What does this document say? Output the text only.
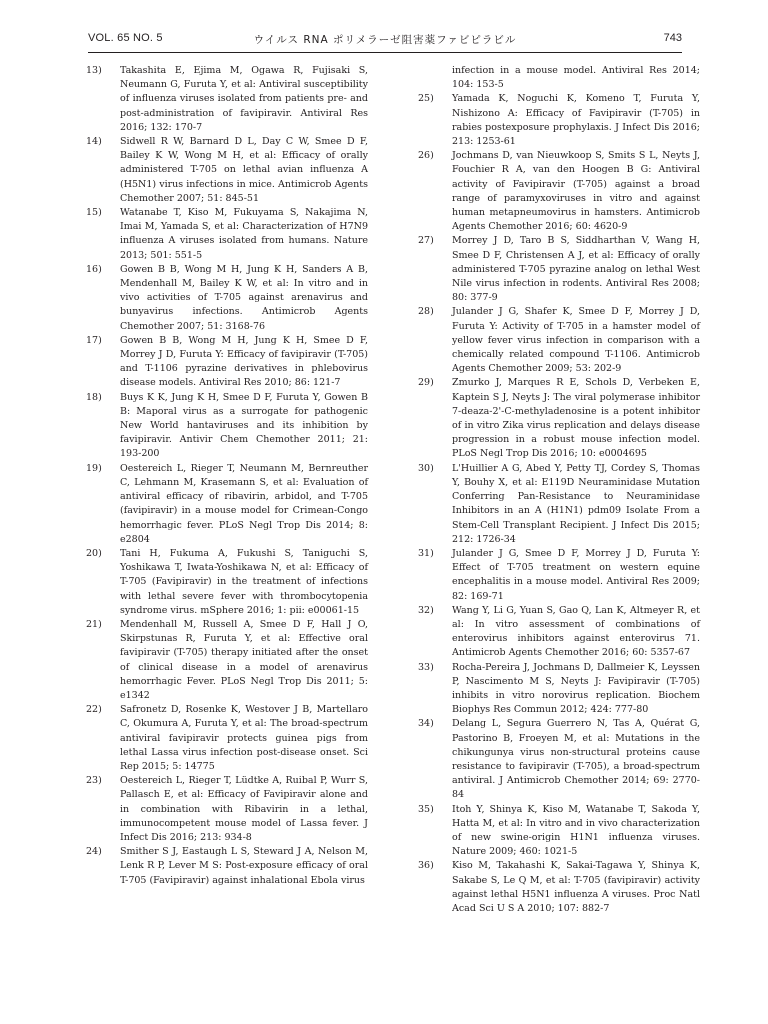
VOL. 65 NO. 5	ウイルス RNA ポリメラーゼ阻害薬ファビピラビル	743
13)	Takashita E, Ejima M, Ogawa R, Fujisaki S, Neumann G, Furuta Y, et al: Antiviral susceptibility of influenza viruses isolated from patients pre- and post-administration of favipiravir. Antiviral Res 2016; 132: 170-7
14)	Sidwell R W, Barnard D L, Day C W, Smee D F, Bailey K W, Wong M H, et al: Efficacy of orally administered T-705 on lethal avian influenza A (H5N1) virus infections in mice. Antimicrob Agents Chemother 2007; 51: 845-51
15)	Watanabe T, Kiso M, Fukuyama S, Nakajima N, Imai M, Yamada S, et al: Characterization of H7N9 influenza A viruses isolated from humans. Nature 2013; 501: 551-5
16)	Gowen B B, Wong M H, Jung K H, Sanders A B, Mendenhall M, Bailey K W, et al: In vitro and in vivo activities of T-705 against arenavirus and bunyavirus infections. Antimicrob Agents Chemother 2007; 51: 3168-76
17)	Gowen B B, Wong M H, Jung K H, Smee D F, Morrey J D, Furuta Y: Efficacy of favipiravir (T-705) and T-1106 pyrazine derivatives in phlebovirus disease models. Antiviral Res 2010; 86: 121-7
18)	Buys K K, Jung K H, Smee D F, Furuta Y, Gowen B B: Maporal virus as a surrogate for pathogenic New World hantaviruses and its inhibition by favipiravir. Antivir Chem Chemother 2011; 21: 193-200
19)	Oestereich L, Rieger T, Neumann M, Bernreuther C, Lehmann M, Krasemann S, et al: Evaluation of antiviral efficacy of ribavirin, arbidol, and T-705 (favipiravir) in a mouse model for Crimean-Congo hemorrhagic fever. PLoS Negl Trop Dis 2014; 8: e2804
20)	Tani H, Fukuma A, Fukushi S, Taniguchi S, Yoshikawa T, Iwata-Yoshikawa N, et al: Efficacy of T-705 (Favipiravir) in the treatment of infections with lethal severe fever with thrombocytopenia syndrome virus. mSphere 2016; 1: pii: e00061-15
21)	Mendenhall M, Russell A, Smee D F, Hall J O, Skirpstunas R, Furuta Y, et al: Effective oral favipiravir (T-705) therapy initiated after the onset of clinical disease in a model of arenavirus hemorrhagic Fever. PLoS Negl Trop Dis 2011; 5: e1342
22)	Safronetz D, Rosenke K, Westover J B, Martellaro C, Okumura A, Furuta Y, et al: The broad-spectrum antiviral favipiravir protects guinea pigs from lethal Lassa virus infection post-disease onset. Sci Rep 2015; 5: 14775
23)	Oestereich L, Rieger T, Lüdtke A, Ruibal P, Wurr S, Pallasch E, et al: Efficacy of Favipiravir alone and in combination with Ribavirin in a lethal, immunocompetent mouse model of Lassa fever. J Infect Dis 2016; 213: 934-8
24)	Smither S J, Eastaugh L S, Steward J A, Nelson M, Lenk R P, Lever M S: Post-exposure efficacy of oral T-705 (Favipiravir) against inhalational Ebola virus
infection in a mouse model. Antiviral Res 2014; 104: 153-5
25)	Yamada K, Noguchi K, Komeno T, Furuta Y, Nishizono A: Efficacy of Favipiravir (T-705) in rabies postexposure prophylaxis. J Infect Dis 2016; 213: 1253-61
26)	Jochmans D, van Nieuwkoop S, Smits S L, Neyts J, Fouchier R A, van den Hoogen B G: Antiviral activity of Favipiravir (T-705) against a broad range of paramyxoviruses in vitro and against human metapneumovirus in hamsters. Antimicrob Agents Chemother 2016; 60: 4620-9
27)	Morrey J D, Taro B S, Siddharthan V, Wang H, Smee D F, Christensen A J, et al: Efficacy of orally administered T-705 pyrazine analog on lethal West Nile virus infection in rodents. Antiviral Res 2008; 80: 377-9
28)	Julander J G, Shafer K, Smee D F, Morrey J D, Furuta Y: Activity of T-705 in a hamster model of yellow fever virus infection in comparison with a chemically related compound T-1106. Antimicrob Agents Chemother 2009; 53: 202-9
29)	Zmurko J, Marques R E, Schols D, Verbeken E, Kaptein S J, Neyts J: The viral polymerase inhibitor 7-deaza-2'-C-methyladenosine is a potent inhibitor of in vitro Zika virus replication and delays disease progression in a robust mouse infection model. PLoS Negl Trop Dis 2016; 10: e0004695
30)	L'Huillier A G, Abed Y, Petty TJ, Cordey S, Thomas Y, Bouhy X, et al: E119D Neuraminidase Mutation Conferring Pan-Resistance to Neuraminidase Inhibitors in an A (H1N1) pdm09 Isolate From a Stem-Cell Transplant Recipient. J Infect Dis 2015; 212: 1726-34
31)	Julander J G, Smee D F, Morrey J D, Furuta Y: Effect of T-705 treatment on western equine encephalitis in a mouse model. Antiviral Res 2009; 82: 169-71
32)	Wang Y, Li G, Yuan S, Gao Q, Lan K, Altmeyer R, et al: In vitro assessment of combinations of enterovirus inhibitors against enterovirus 71. Antimicrob Agents Chemother 2016; 60: 5357-67
33)	Rocha-Pereira J, Jochmans D, Dallmeier K, Leyssen P, Nascimento M S, Neyts J: Favipiravir (T-705) inhibits in vitro norovirus replication. Biochem Biophys Res Commun 2012; 424: 777-80
34)	Delang L, Segura Guerrero N, Tas A, Quérat G, Pastorino B, Froeyen M, et al: Mutations in the chikungunya virus non-structural proteins cause resistance to favipiravir (T-705), a broad-spectrum antiviral. J Antimicrob Chemother 2014; 69: 2770-84
35)	Itoh Y, Shinya K, Kiso M, Watanabe T, Sakoda Y, Hatta M, et al: In vitro and in vivo characterization of new swine-origin H1N1 influenza viruses. Nature 2009; 460: 1021-5
36)	Kiso M, Takahashi K, Sakai-Tagawa Y, Shinya K, Sakabe S, Le Q M, et al: T-705 (favipiravir) activity against lethal H5N1 influenza A viruses. Proc Natl Acad Sci U S A 2010; 107: 882-7
